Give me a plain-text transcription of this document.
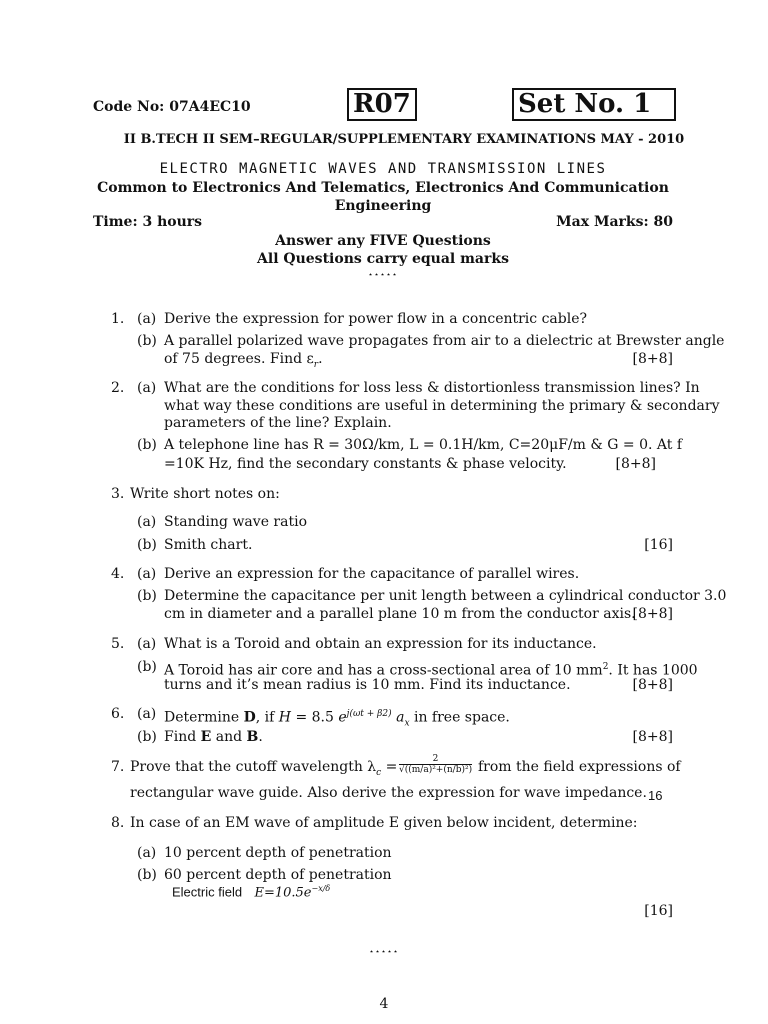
Code No: 07A4EC10	R07	Set No. 1
II B.TECH II SEM–REGULAR/SUPPLEMENTARY EXAMINATIONS MAY - 2010
ELECTRO MAGNETIC WAVES AND TRANSMISSION LINES
Common to Electronics And Telematics, Electronics And Communication
Engineering
Time: 3 hours	Max Marks: 80
Answer any FIVE Questions
All Questions carry equal marks
⋆⋆⋆⋆⋆
1. (a) Derive the expression for power flow in a concentric cable?
(b) A parallel polarized wave propagates from air to a dielectric at Brewster angle
of 75 degrees. Find $\varepsilon_r$.	[8+8]
2. (a) What are the conditions for loss less & distortionless transmission lines? In
what way these conditions are useful in determining the primary & secondary
parameters of the line? Explain.
(b) A telephone line has R = 30Ω/km, L = 0.1H/km, C=20μF/m & G = 0. At f
=10K Hz, find the secondary constants & phase velocity.	[8+8]
3. Write short notes on:
(a) Standing wave ratio
(b) Smith chart.	[16]
4. (a) Derive an expression for the capacitance of parallel wires.
(b) Determine the capacitance per unit length between a cylindrical conductor 3.0
cm in diameter and a parallel plane 10 m from the conductor axis.
[8+8]
5. (a) What is a Toroid and obtain an expression for its inductance.
(b) A Toroid has air core and has a cross-sectional area of 10 $mm^2$. It has 1000
turns and it’s mean radius is 10 mm. Find its inductance.	[8+8]
6. (a) Determine D, if H = 8.5 $e^{j(\omega t + \beta 2)}$ $a_x$ in free space.
(b) Find E and B.	[8+8]
7. Prove that the cutoff wavelength $\lambda_c = \frac{2}{\text{√((m/a)²+(n/b)²)}}$ from the field expressions of
rectangular wave guide. Also derive the expression for wave impedance. 16
8. In case of an EM wave of amplitude E given below incident, determine:
(a) 10 percent depth of penetration
(b) 60 percent depth of penetration
Electric field $E=10.5e^{-x/\delta}$
[16]
⋆⋆⋆⋆⋆
4
